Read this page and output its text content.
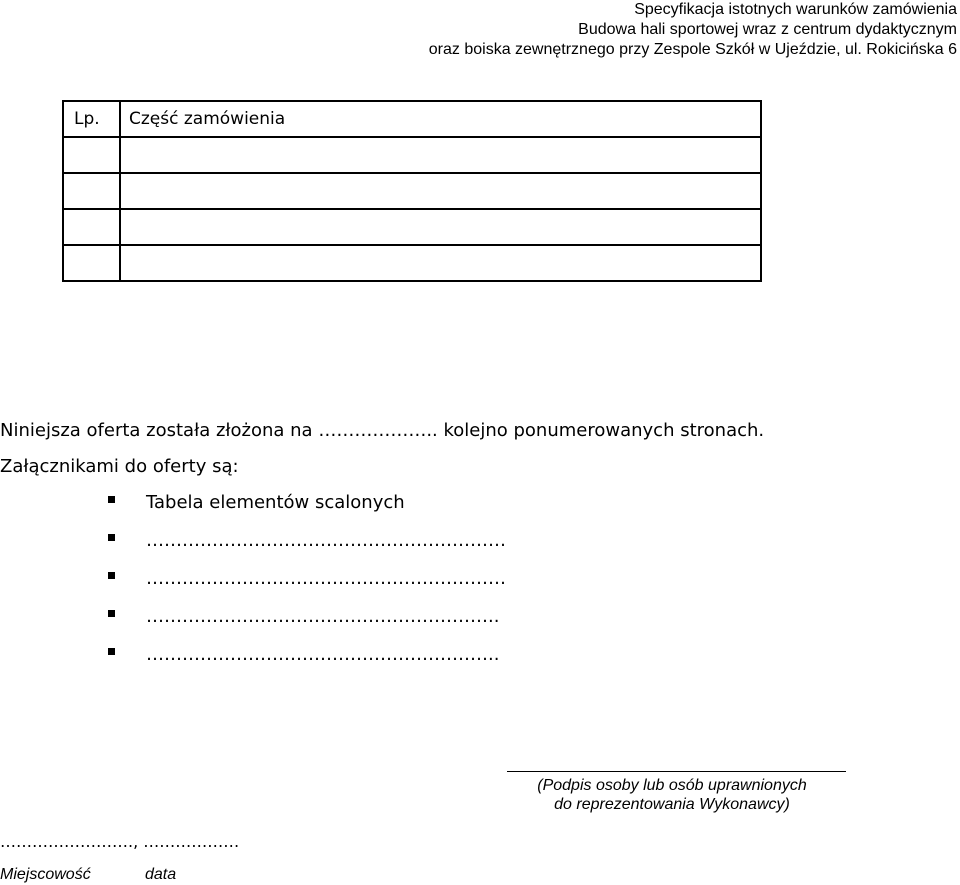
Specyfikacja istotnych warunków zamówienia
Budowa hali sportowej wraz z centrum dydaktycznym
oraz boiska zewnętrznego przy Zespole Szkół w Ujeździe, ul. Rokicińska 6
Lp.	Część zamówienia

Niniejsza oferta została złożona na ……………….. kolejno ponumerowanych stronach.
Załącznikami do oferty są:
Tabela elementów scalonych
……………………………………………………
……………………………………………………
…………………………………………………..
…………………………………………………..
(Podpis osoby lub osób uprawnionych
do reprezentowania Wykonawcy)
……………………., ………………
Miejscowość	data
